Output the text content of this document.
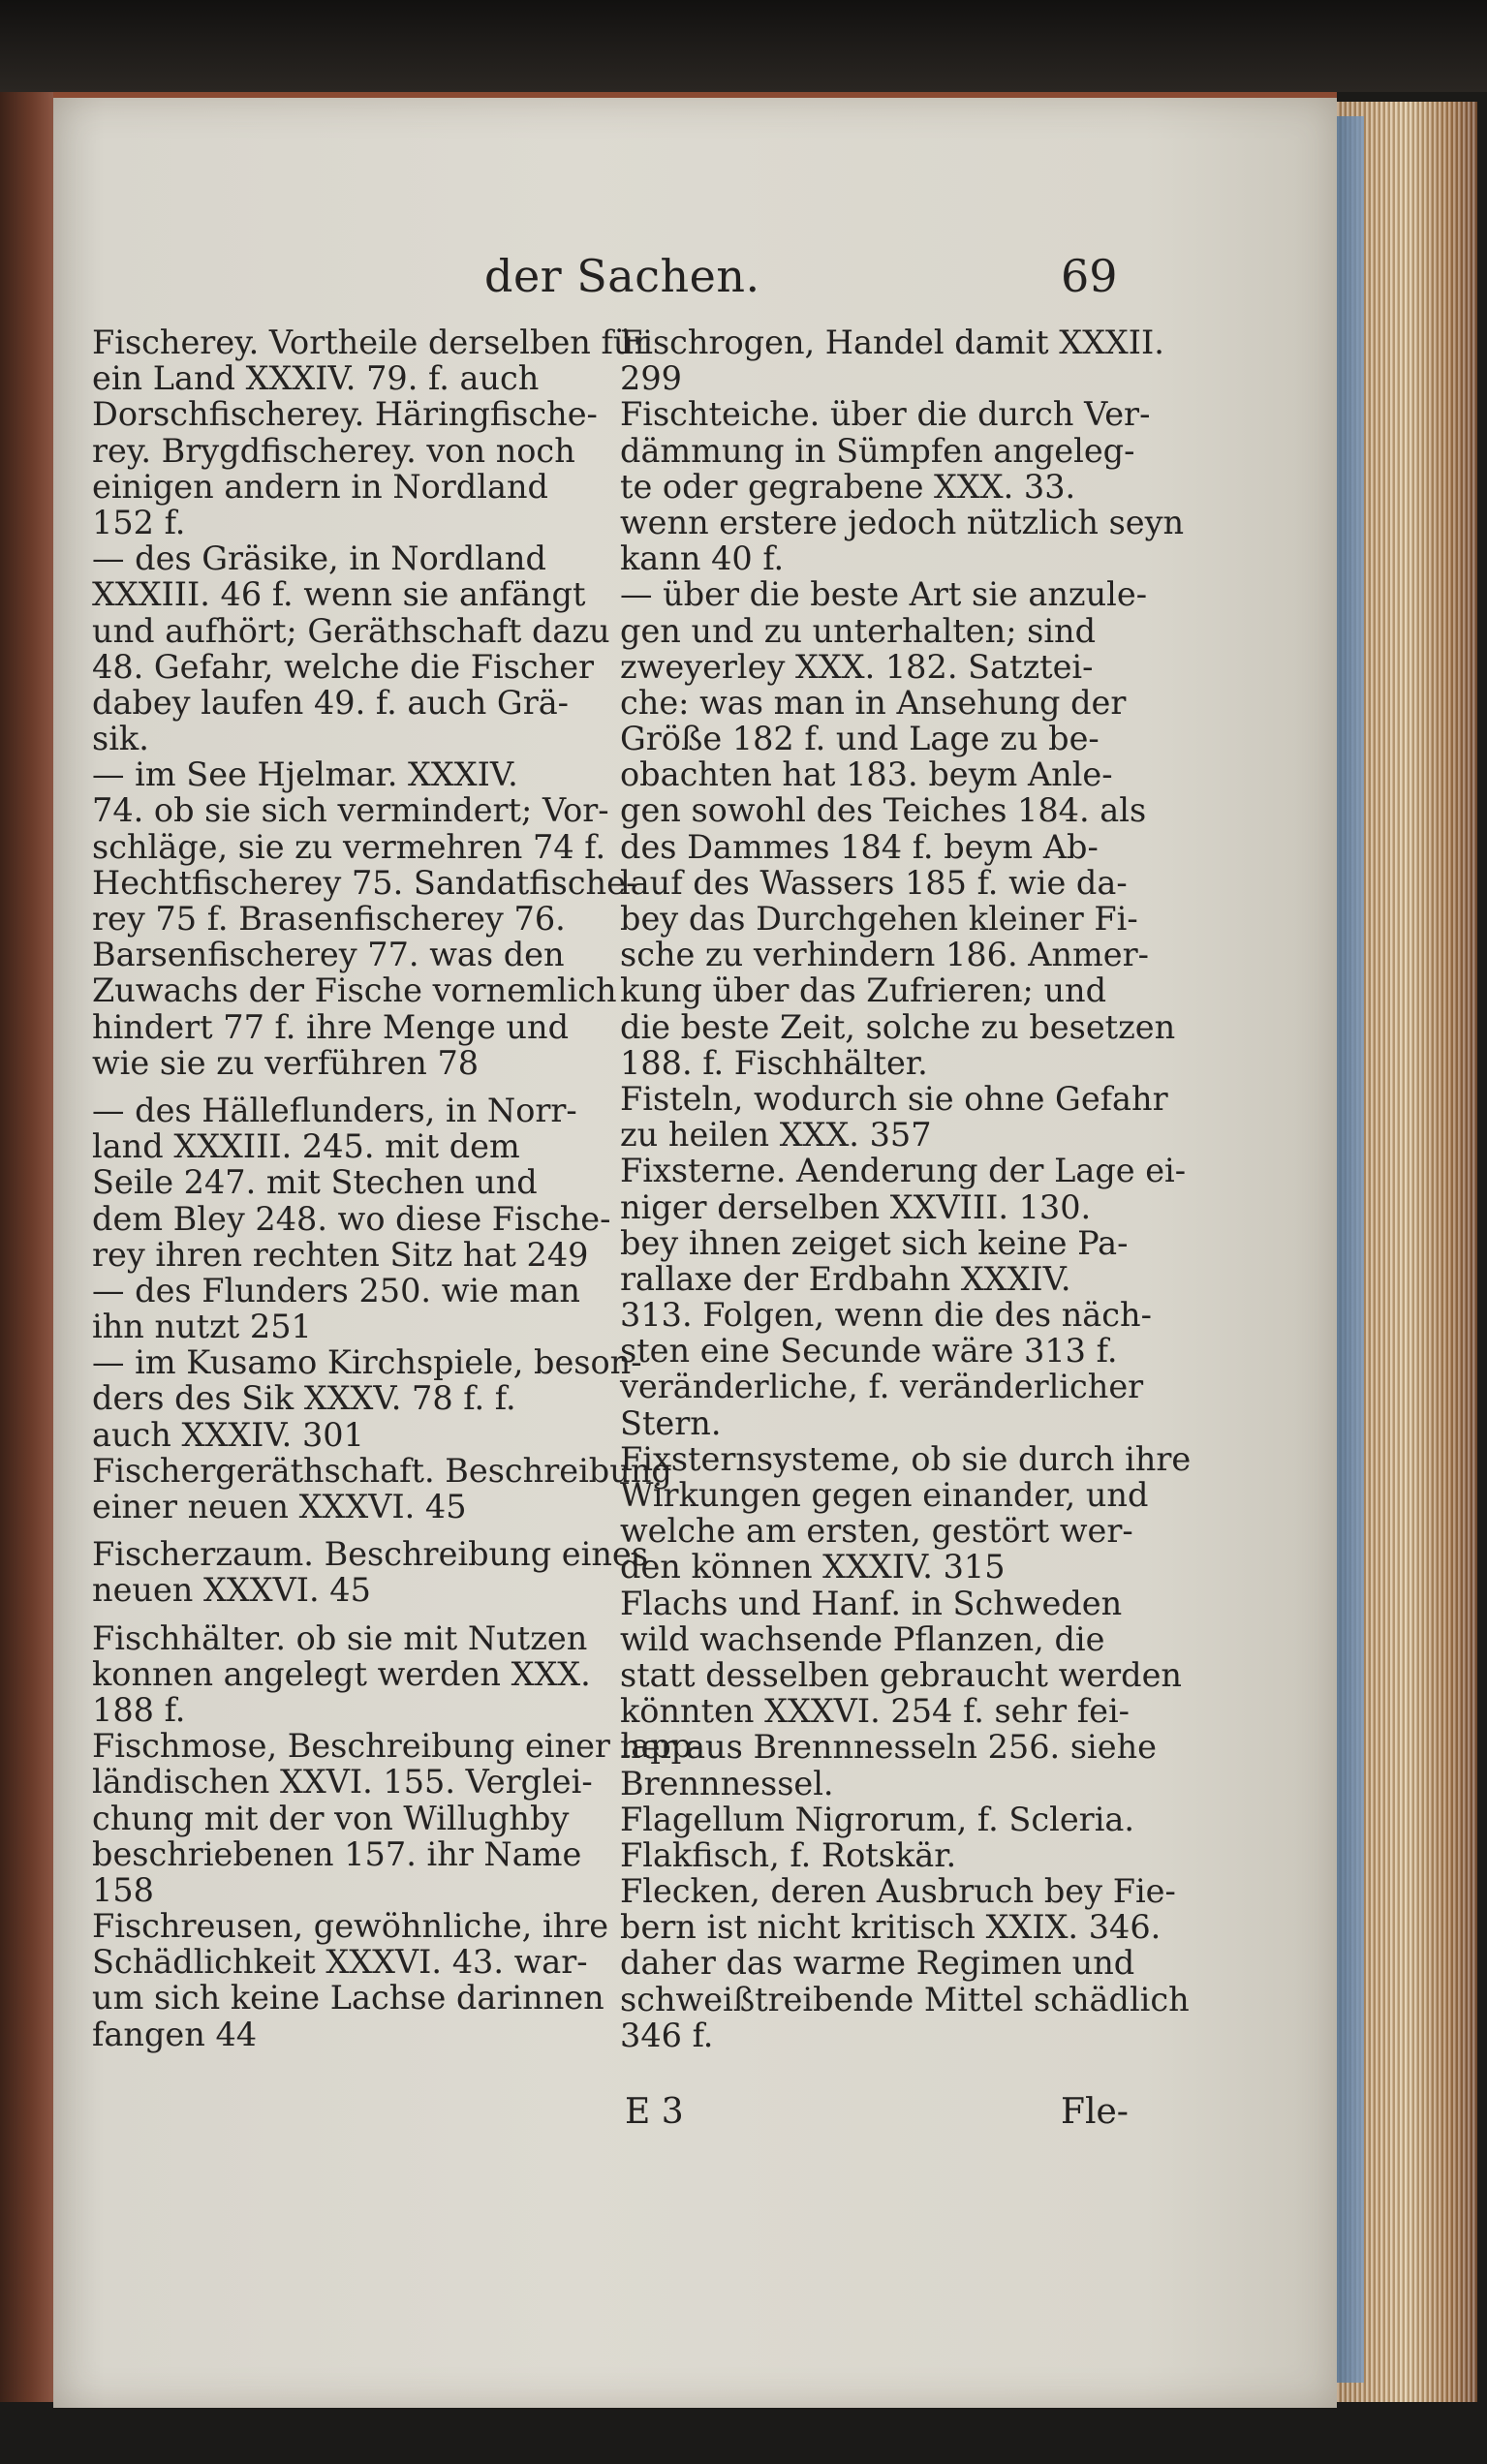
der Sachen.	69
Fischerey. Vortheile derselben für
ein Land XXXIV. 79. f. auch
Dorschfischerey. Häringfische-
rey. Brygdfischerey. von noch
einigen andern in Nordland
152 f.
— des Gräsike, in Nordland
XXXIII. 46 f. wenn sie anfängt
und aufhört; Geräthschaft dazu
48. Gefahr, welche die Fischer
dabey laufen 49. f. auch Grä-
sik.
— im See Hjelmar. XXXIV.
74. ob sie sich vermindert; Vor-
schläge, sie zu vermehren 74 f.
Hechtfischerey 75. Sandatfische-
rey 75 f. Brasenfischerey 76.
Barsenfischerey 77. was den
Zuwachs der Fische vornemlich
hindert 77 f. ihre Menge und
wie sie zu verführen 78
— des Hälleflunders, in Norr-
land XXXIII. 245. mit dem
Seile 247. mit Stechen und
dem Bley 248. wo diese Fische-
rey ihren rechten Sitz hat 249
— des Flunders 250. wie man
ihn nutzt 251
— im Kusamo Kirchspiele, beson-
ders des Sik XXXV. 78 f. f.
auch XXXIV. 301
Fischergeräthschaft. Beschreibung
einer neuen XXXVI. 45
Fischerzaum. Beschreibung eines
neuen XXXVI. 45
Fischhälter. ob sie mit Nutzen
konnen angelegt werden XXX.
188 f.
Fischmose, Beschreibung einer lapp-
ländischen XXVI. 155. Verglei-
chung mit der von Willughby
beschriebenen 157. ihr Name
158
Fischreusen, gewöhnliche, ihre
Schädlichkeit XXXVI. 43. war-
um sich keine Lachse darinnen
fangen 44
Fischrogen, Handel damit XXXII.
299
Fischteiche. über die durch Ver-
dämmung in Sümpfen angeleg-
te oder gegrabene XXX. 33.
wenn erstere jedoch nützlich seyn
kann 40 f.
— über die beste Art sie anzule-
gen und zu unterhalten; sind
zweyerley XXX. 182. Satztei-
che: was man in Ansehung der
Größe 182 f. und Lage zu be-
obachten hat 183. beym Anle-
gen sowohl des Teiches 184. als
des Dammes 184 f. beym Ab-
lauf des Wassers 185 f. wie da-
bey das Durchgehen kleiner Fi-
sche zu verhindern 186. Anmer-
kung über das Zufrieren; und
die beste Zeit, solche zu besetzen
188. f. Fischhälter.
Fisteln, wodurch sie ohne Gefahr
zu heilen XXX. 357
Fixsterne. Aenderung der Lage ei-
niger derselben XXVIII. 130.
bey ihnen zeiget sich keine Pa-
rallaxe der Erdbahn XXXIV.
313. Folgen, wenn die des näch-
sten eine Secunde wäre 313 f.
veränderliche, f. veränderlicher
Stern.
Fixsternsysteme, ob sie durch ihre
Wirkungen gegen einander, und
welche am ersten, gestört wer-
den können XXXIV. 315
Flachs und Hanf. in Schweden
wild wachsende Pflanzen, die
statt desselben gebraucht werden
könnten XXXVI. 254 f. sehr fei-
ner aus Brennnesseln 256. siehe
Brennnessel.
Flagellum Nigrorum, f. Scleria.
Flakfisch, f. Rotskär.
Flecken, deren Ausbruch bey Fie-
bern ist nicht kritisch XXIX. 346.
daher das warme Regimen und
schweißtreibende Mittel schädlich
346 f.
E 3	Fle-
